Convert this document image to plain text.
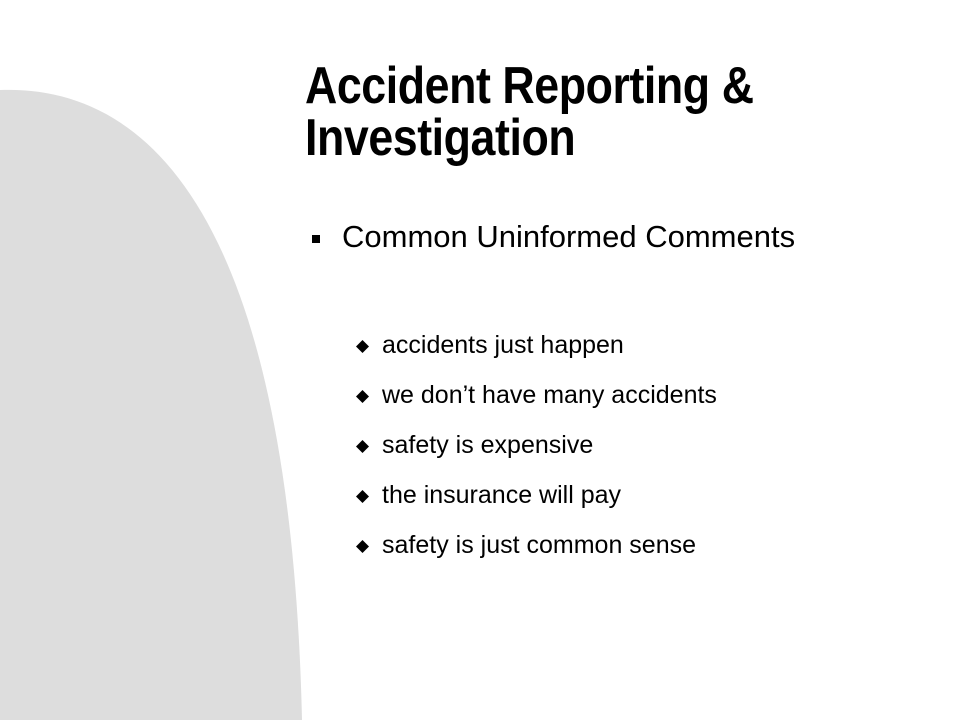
Accident Reporting & Investigation
Common Uninformed Comments
accidents just happen
we don’t have many accidents
safety is expensive
the insurance will pay
safety is just common sense
